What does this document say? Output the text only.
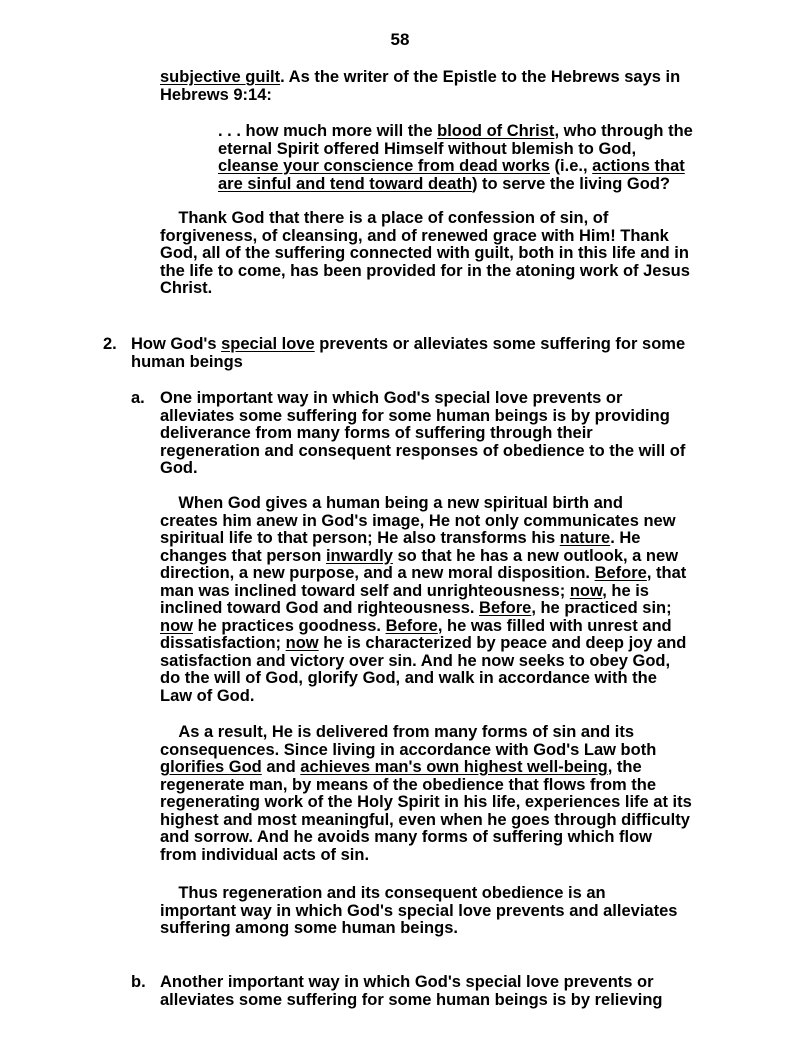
58
subjective guilt. As the writer of the Epistle to the Hebrews says in
Hebrews 9:14:
. . . how much more will the blood of Christ, who through the
eternal Spirit offered Himself without blemish to God,
cleanse your conscience from dead works (i.e., actions that
are sinful and tend toward death) to serve the living God?
Thank God that there is a place of confession of sin, of
forgiveness, of cleansing, and of renewed grace with Him! Thank
God, all of the suffering connected with guilt, both in this life and in
the life to come, has been provided for in the atoning work of Jesus
Christ.
2. How God's special love prevents or alleviates some suffering for some
human beings
a. One important way in which God's special love prevents or
alleviates some suffering for some human beings is by providing
deliverance from many forms of suffering through their
regeneration and consequent responses of obedience to the will of
God.
When God gives a human being a new spiritual birth and
creates him anew in God's image, He not only communicates new
spiritual life to that person; He also transforms his nature. He
changes that person inwardly so that he has a new outlook, a new
direction, a new purpose, and a new moral disposition. Before, that
man was inclined toward self and unrighteousness; now, he is
inclined toward God and righteousness. Before, he practiced sin;
now he practices goodness. Before, he was filled with unrest and
dissatisfaction; now he is characterized by peace and deep joy and
satisfaction and victory over sin. And he now seeks to obey God,
do the will of God, glorify God, and walk in accordance with the
Law of God.
As a result, He is delivered from many forms of sin and its
consequences. Since living in accordance with God's Law both
glorifies God and achieves man's own highest well-being, the
regenerate man, by means of the obedience that flows from the
regenerating work of the Holy Spirit in his life, experiences life at its
highest and most meaningful, even when he goes through difficulty
and sorrow. And he avoids many forms of suffering which flow
from individual acts of sin.
Thus regeneration and its consequent obedience is an
important way in which God's special love prevents and alleviates
suffering among some human beings.
b. Another important way in which God's special love prevents or
alleviates some suffering for some human beings is by relieving
